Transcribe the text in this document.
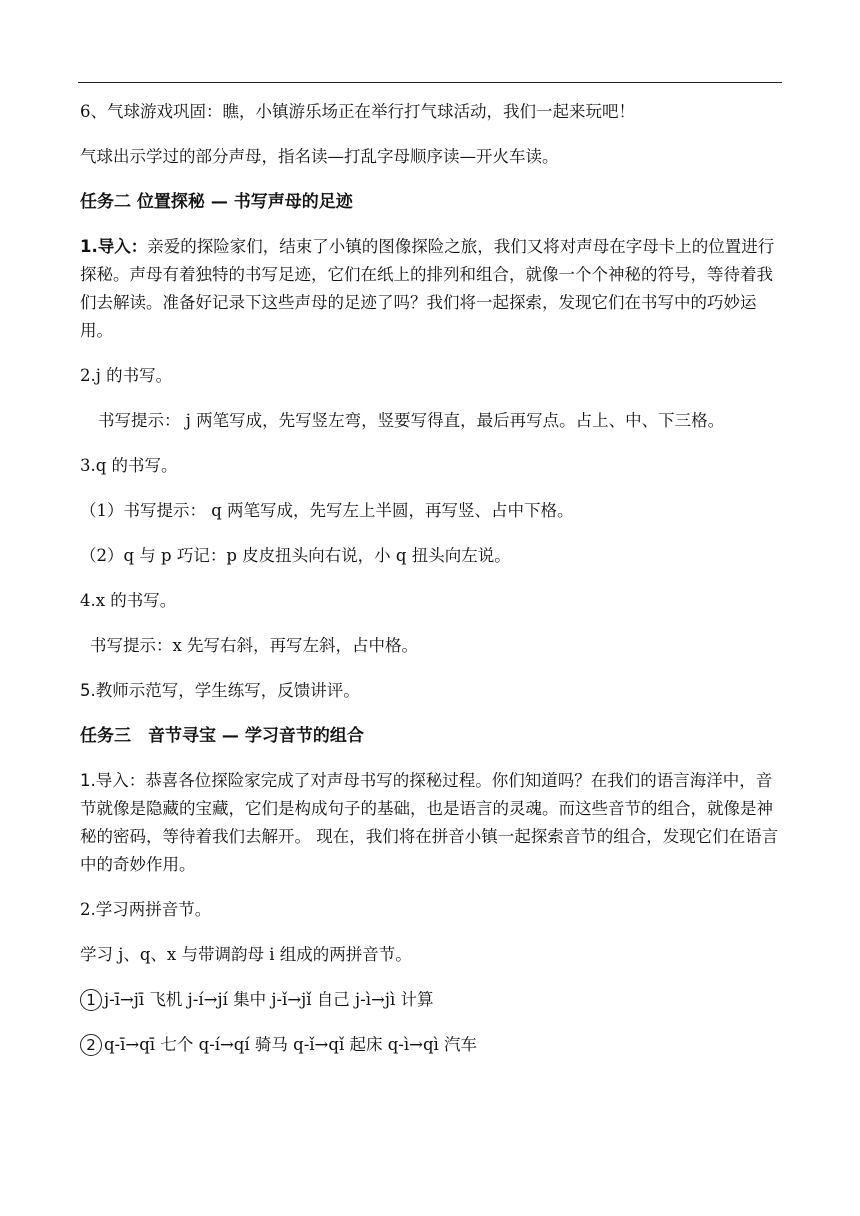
6、气球游戏巩固：瞧，小镇游乐场正在举行打气球活动，我们一起来玩吧！

气球出示学过的部分声母，指名读—打乱字母顺序读—开火车读。

任务二 位置探秘 — 书写声母的足迹

1.导入：亲爱的探险家们，结束了小镇的图像探险之旅，我们又将对声母在字母卡上的位置进行探秘。声母有着独特的书写足迹，它们在纸上的排列和组合，就像一个个神秘的符号，等待着我们去解读。准备好记录下这些声母的足迹了吗？我们将一起探索，发现它们在书写中的巧妙运用。

2.j 的书写。

书写提示： j 两笔写成，先写竖左弯，竖要写得直，最后再写点。占上、中、下三格。

3.q 的书写。

（1）书写提示： q 两笔写成，先写左上半圆，再写竖、占中下格。

（2）q 与 p 巧记：p 皮皮扭头向右说，小 q 扭头向左说。

4.x 的书写。

书写提示：x 先写右斜，再写左斜，占中格。

5.教师示范写，学生练写，反馈讲评。

任务三　音节寻宝 — 学习音节的组合

1.导入：恭喜各位探险家完成了对声母书写的探秘过程。你们知道吗？在我们的语言海洋中，音节就像是隐藏的宝藏，它们是构成句子的基础，也是语言的灵魂。而这些音节的组合，就像是神秘的密码，等待着我们去解开。 现在，我们将在拼音小镇一起探索音节的组合，发现它们在语言中的奇妙作用。

2.学习两拼音节。

学习 j、q、x 与带调韵母 i 组成的两拼音节。

1 j-ī→jī 飞机 j-í→jí 集中 j-ǐ→jǐ 自己 j-ì→jì 计算

2 q-ī→qī 七个 q-í→qí 骑马 q-ǐ→qǐ 起床 q-ì→qì 汽车
